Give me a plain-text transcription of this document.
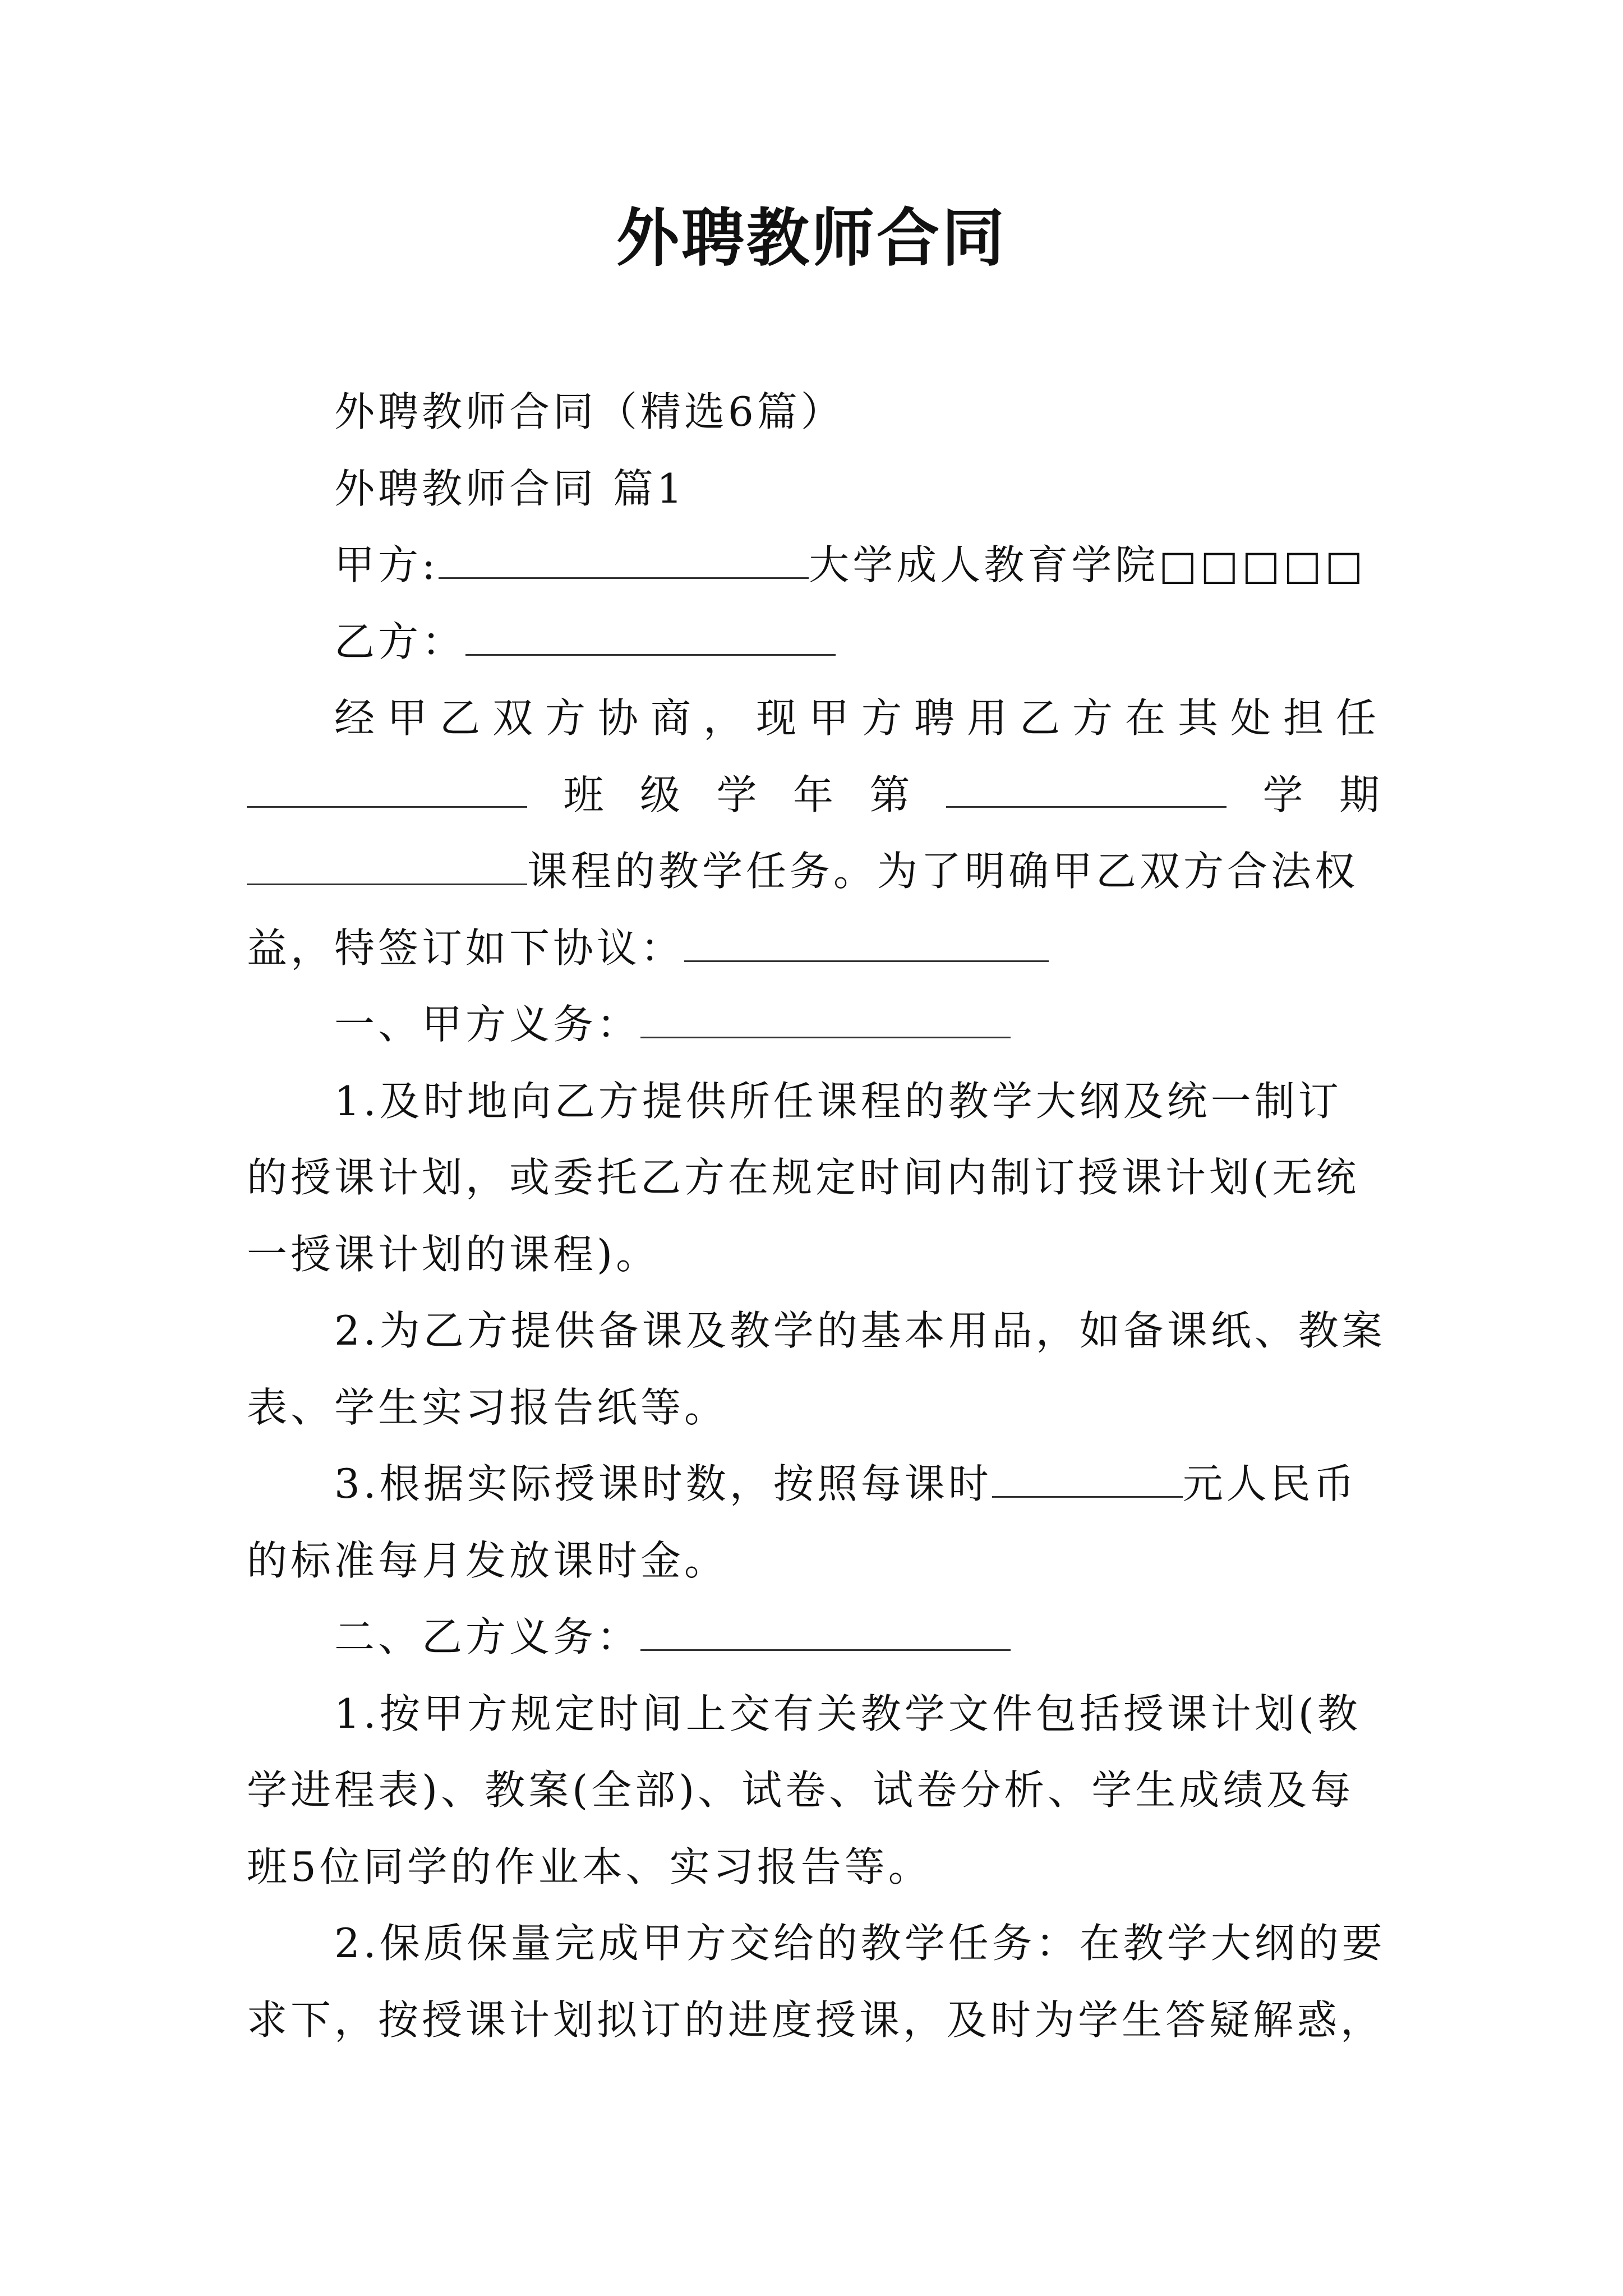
外聘教师合同
外聘教师合同（精选6篇）
外聘教师合同 篇1
甲方:	大学成人教育学院□□□□□
乙方：
经甲乙双方协商，现甲方聘用乙方在其处担任
班 级 学 年 第	学 期
课程的教学任务。为了明确甲乙双方合法权
益，特签订如下协议：
一、甲方义务：
1.及时地向乙方提供所任课程的教学大纲及统一制订
的授课计划，或委托乙方在规定时间内制订授课计划(无统
一授课计划的课程)。
2.为乙方提供备课及教学的基本用品，如备课纸、教案
表、学生实习报告纸等。
3.根据实际授课时数，按照每课时	元人民币
的标准每月发放课时金。
二、乙方义务：
1.按甲方规定时间上交有关教学文件包括授课计划(教
学进程表)、教案(全部)、试卷、试卷分析、学生成绩及每
班5位同学的作业本、实习报告等。
2.保质保量完成甲方交给的教学任务：在教学大纲的要
求下，按授课计划拟订的进度授课，及时为学生答疑解惑，
